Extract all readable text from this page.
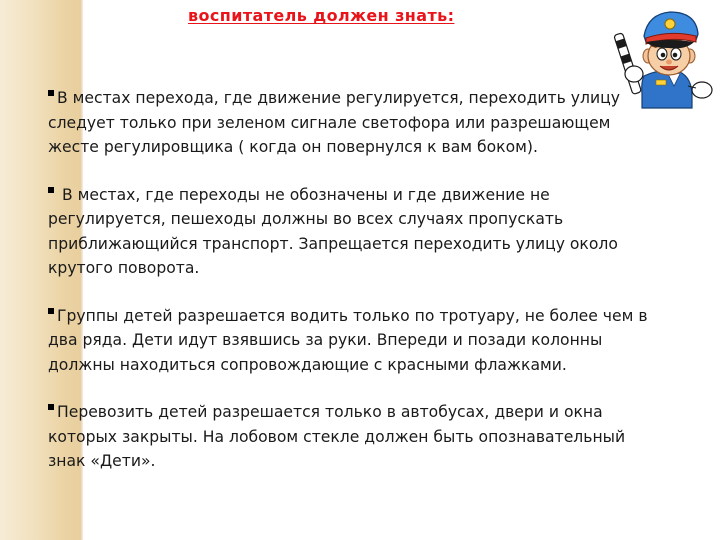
воспитатель должен знать:

В местах перехода, где движение регулируется, переходить улицу следует только при зеленом сигнале светофора или разрешающем жесте регулировщика ( когда он повернулся к вам боком).

В местах, где переходы не обозначены и где движение не регулируется, пешеходы должны во всех случаях пропускать приближающийся транспорт. Запрещается переходить улицу около крутого поворота.

Группы детей разрешается водить только по тротуару, не более чем в два ряда. Дети идут взявшись за руки. Впереди и позади колонны должны находиться сопровождающие с красными флажками.

Перевозить детей разрешается только в автобусах, двери и окна которых закрыты. На лобовом стекле должен быть опознавательный знак «Дети».
